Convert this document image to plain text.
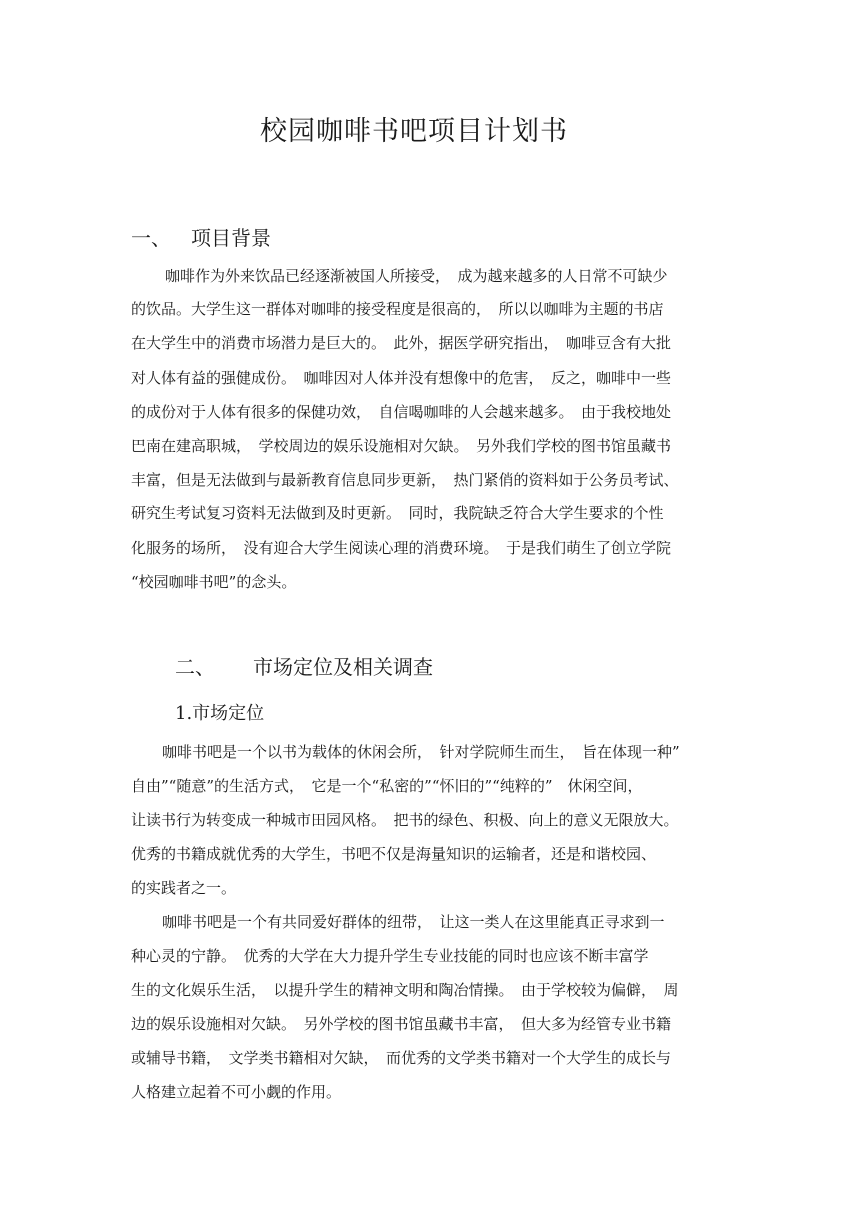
校园咖啡书吧项目计划书
一、 项目背景
咖啡作为外来饮品已经逐渐被国人所接受，　成为越来越多的人日常不可缺少
的饮品。大学生这一群体对咖啡的接受程度是很高的，　所以以咖啡为主题的书店
在大学生中的消费市场潜力是巨大的。　此外，据医学研究指出，　咖啡豆含有大批
对人体有益的强健成份。　咖啡因对人体并没有想像中的危害，　反之，咖啡中一些
的成份对于人体有很多的保健功效，　自信喝咖啡的人会越来越多。　由于我校地处
巴南在建高职城，　学校周边的娱乐设施相对欠缺。　另外我们学校的图书馆虽藏书
丰富，但是无法做到与最新教育信息同步更新，　热门紧俏的资料如于公务员考试、
研究生考试复习资料无法做到及时更新。　同时，我院缺乏符合大学生要求的个性
化服务的场所，　没有迎合大学生阅读心理的消费环境。　于是我们萌生了创立学院
“校园咖啡书吧”的念头。
二、 市场定位及相关调查
1.市场定位
咖啡书吧是一个以书为载体的休闲会所，　针对学院师生而生，　旨在体现一种”
自由”“随意”的生活方式，　它是一个“私密的”“怀旧的”“纯粹的”　休闲空间，
让读书行为转变成一种城市田园风格。　把书的绿色、积极、向上的意义无限放大。
优秀的书籍成就优秀的大学生，书吧不仅是海量知识的运输者，还是和谐校园、
的实践者之一。
咖啡书吧是一个有共同爱好群体的纽带，　让这一类人在这里能真正寻求到一
种心灵的宁静。　优秀的大学在大力提升学生专业技能的同时也应该不断丰富学
生的文化娱乐生活，　以提升学生的精神文明和陶冶情操。　由于学校较为偏僻，　周
边的娱乐设施相对欠缺。　另外学校的图书馆虽藏书丰富，　但大多为经管专业书籍
或辅导书籍，　文学类书籍相对欠缺，　而优秀的文学类书籍对一个大学生的成长与
人格建立起着不可小觑的作用。
